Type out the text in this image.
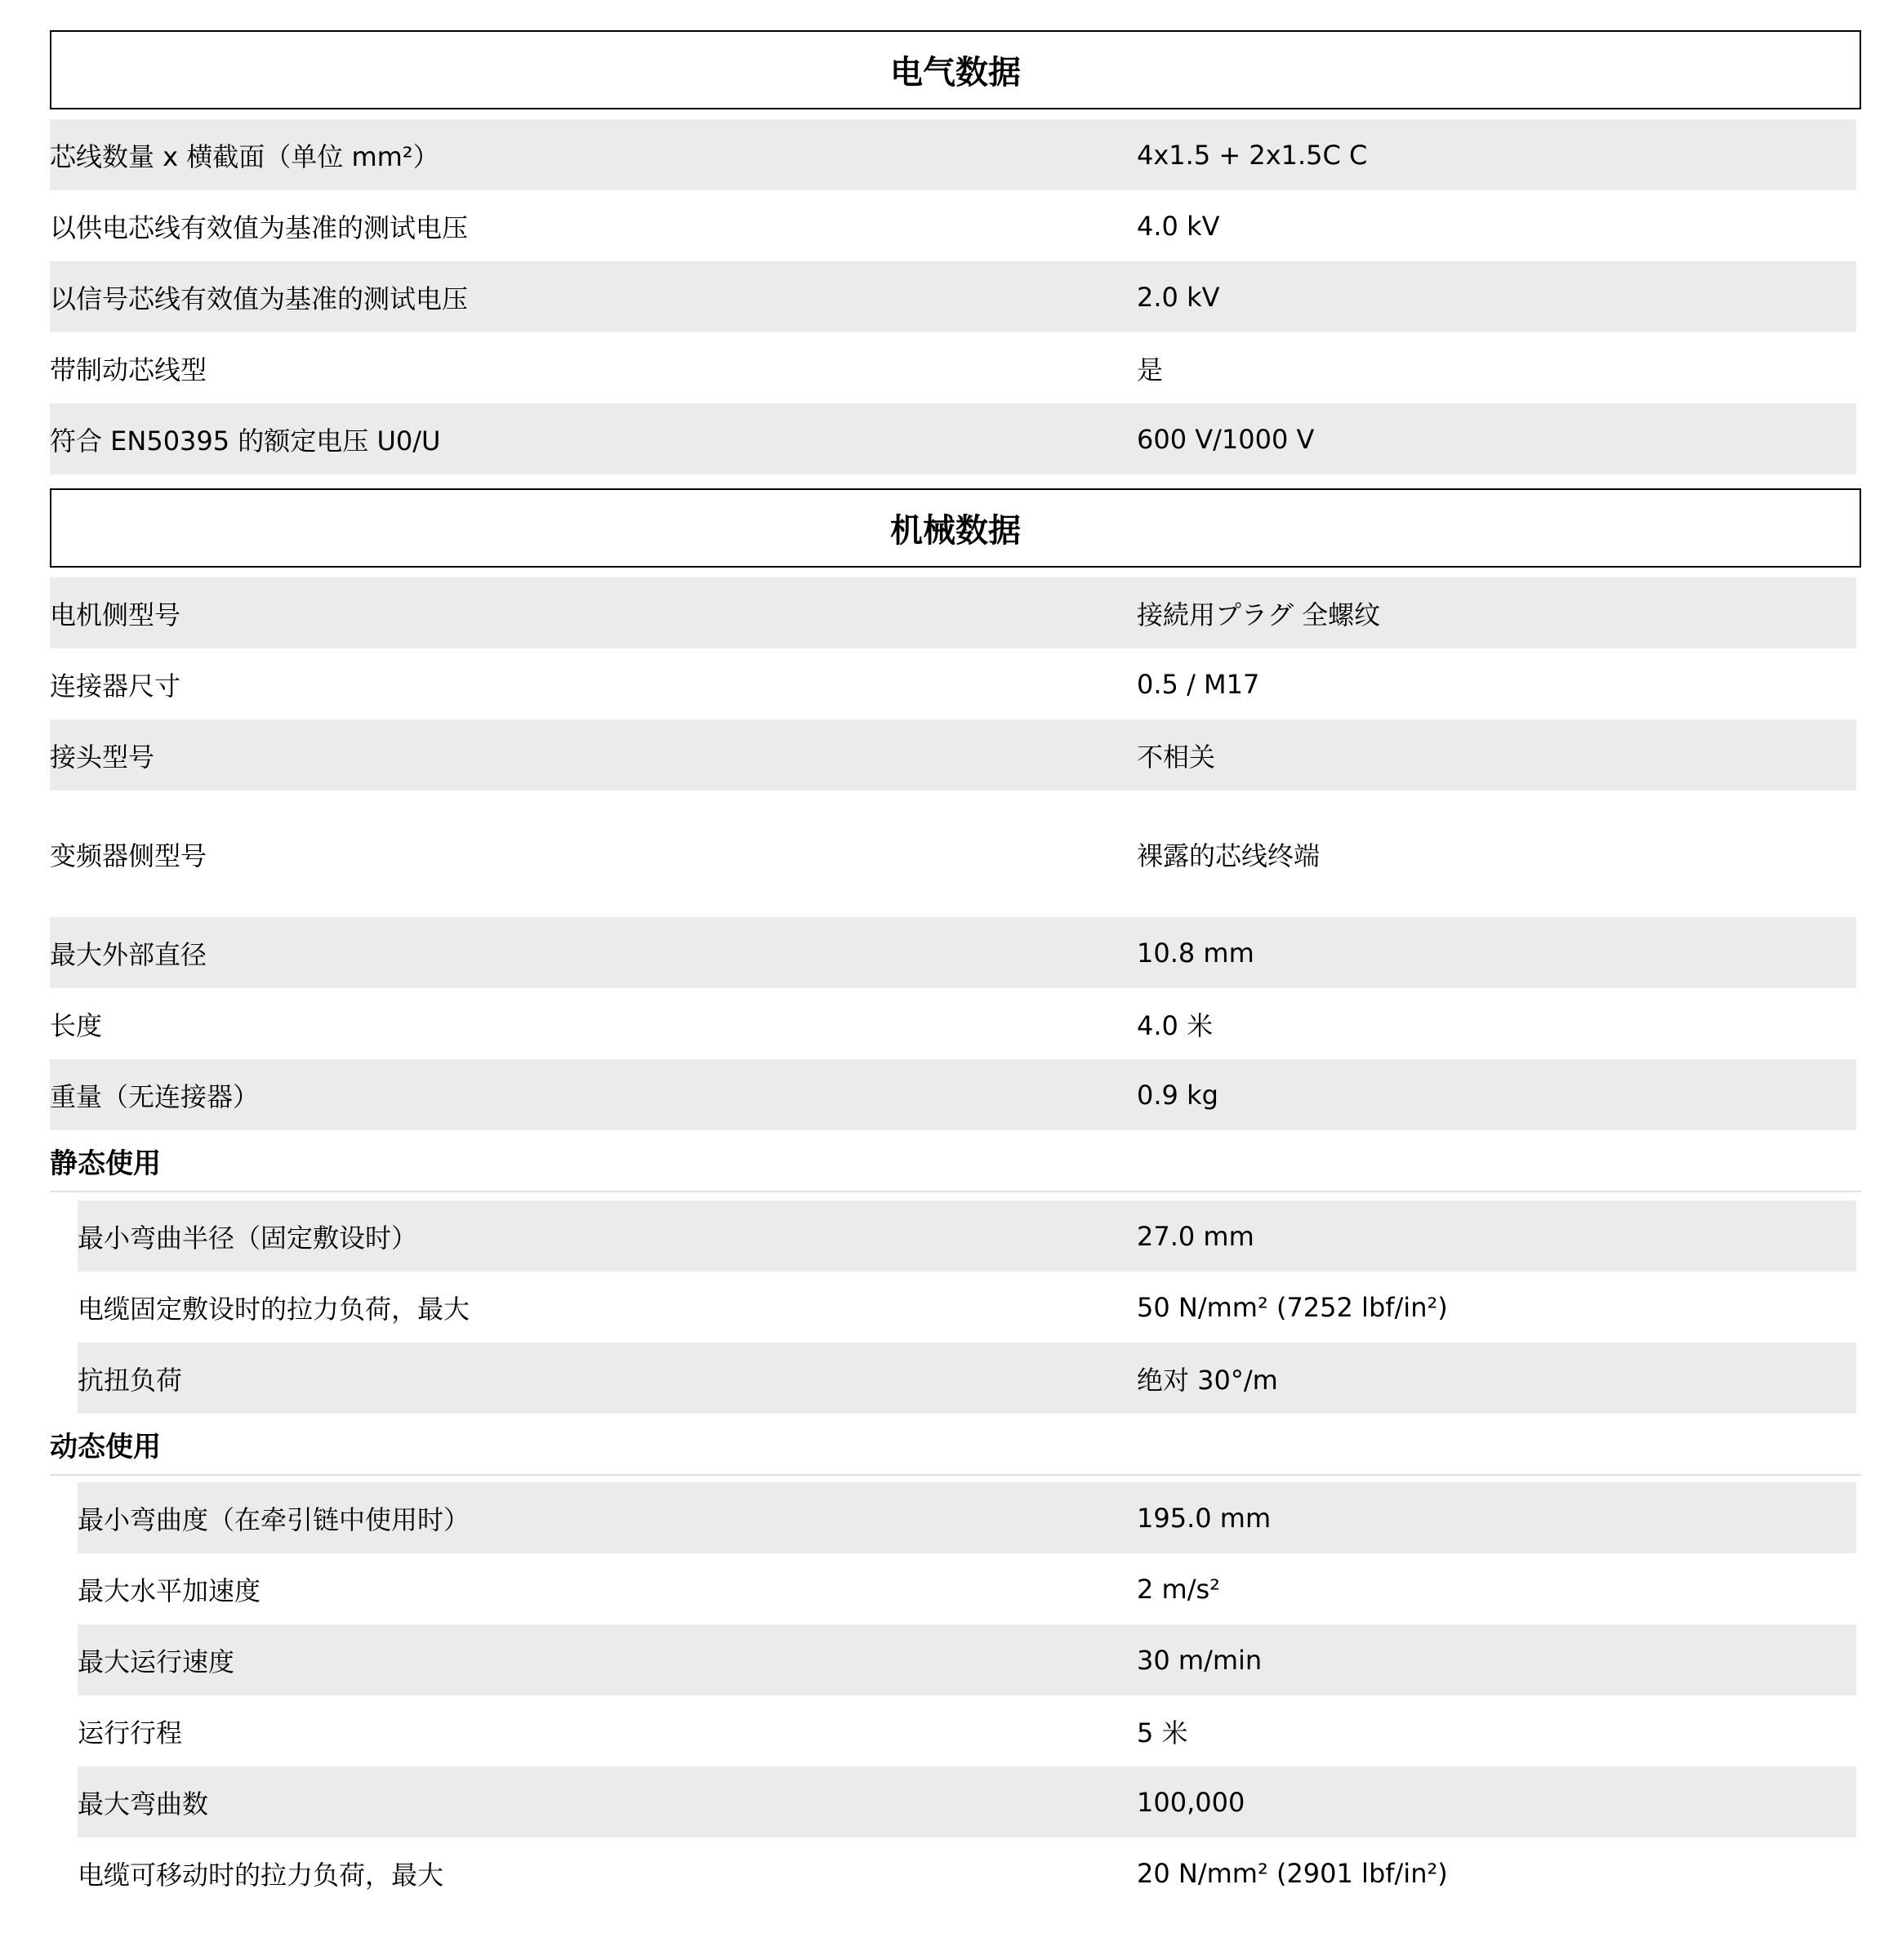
电气数据
芯线数量 x 横截面（单位 mm²）	4x1.5 + 2x1.5C C
以供电芯线有效值为基准的测试电压	4.0 kV
以信号芯线有效值为基准的测试电压	2.0 kV
带制动芯线型	是
符合 EN50395 的额定电压 U0/U	600 V/1000 V
机械数据
电机侧型号	接続用プラグ 全螺纹
连接器尺寸	0.5 / M17
接头型号	不相关
变频器侧型号	裸露的芯线终端
最大外部直径	10.8 mm
长度	4.0 米
重量（无连接器）	0.9 kg
静态使用
最小弯曲半径（固定敷设时）	27.0 mm
电缆固定敷设时的拉力负荷，最大	50 N/mm² (7252 lbf/in²)
抗扭负荷	绝对 30°/m
动态使用
最小弯曲度（在牵引链中使用时）	195.0 mm
最大水平加速度	2 m/s²
最大运行速度	30 m/min
运行行程	5 米
最大弯曲数	100,000
电缆可移动时的拉力负荷，最大	20 N/mm² (2901 lbf/in²)
